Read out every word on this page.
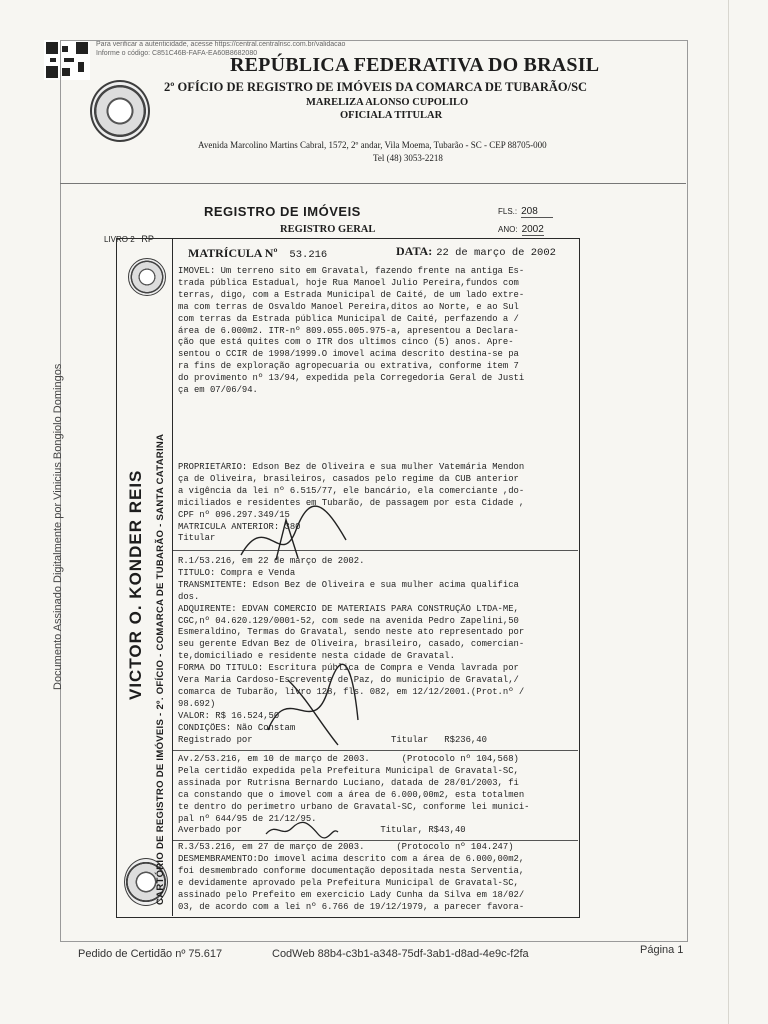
Para verificar a autenticidade, acesse https://central.centralrisc.com.br/validacao
Informe o código: C851C46B-FAFA-EA60B8682080
REPÚBLICA FEDERATIVA DO BRASIL
2º OFÍCIO DE REGISTRO DE IMÓVEIS DA COMARCA DE TUBARÃO/SC
MARELIZA ALONSO CUPOLILO
OFICIALA TITULAR
Avenida Marcolino Martins Cabral, 1572, 2º andar, Vila Moema, Tubarão - SC - CEP 88705-000
Tel (48) 3053-2218
Documento Assinado Digitalmente por Vinicius Bongiolo Domingos
REGISTRO DE IMÓVEIS
REGISTRO GERAL
FLS.: 208
ANO: 2002
LIVRO 2 RP
VICTOR O. KONDER REIS CARTÓRIO DE REGISTRO DE IMÓVEIS - 2º. OFÍCIO - COMARCA DE TUBARÃO - SANTA CATARINA
MATRÍCULA Nº 53.216	DATA: 22 de março de 2002

IMOVEL: Um terreno sito em Gravatal, fazendo frente na antiga Es-

trada pública Estadual, hoje Rua Manoel Julio Pereira,fundos com

terras, digo, com a Estrada Municipal de Caité, de um lado extre-

ma com terras de Osvaldo Manoel Pereira,ditos ao Norte, e ao Sul

com terras da Estrada pública Municipal de Caité, perfazendo a /

área de 6.000m2. ITR-nº 809.055.005.975-a, apresentou a Declara-

ção que está quites com o ITR dos ultimos cinco (5) anos. Apre-

sentou o CCIR de 1998/1999.O imovel acima descrito destina-se pa

ra fins de exploração agropecuaria ou extrativa, conforme item 7

do provimento nº 13/94, expedida pela Corregedoria Geral de Justi

ça em 07/06/94.

PROPRIETÁRIO: Edson Bez de Oliveira e sua mulher Vatemária Mendon

ça de Oliveira, brasileiros, casados pelo regime da CUB anterior

a vigência da lei nº 6.515/77, ele bancário, ela comerciante ,do-

miciliados e residentes em Tubarão, de passagem por esta Cidade ,

CPF nº 096.297.349/15

MATRICULA ANTERIOR: 380

Titular

R.1/53.216, em 22 de março de 2002.

TITULO: Compra e Venda

TRANSMITENTE: Edson Bez de Oliveira e sua mulher acima qualifica

dos.

ADQUIRENTE: EDVAN COMERCIO DE MATERIAIS PARA CONSTRUÇÃO LTDA-ME,

CGC,nº 04.620.129/0001-52, com sede na avenida Pedro Zapelini,50

Esmeraldino, Termas do Gravatal, sendo neste ato representado por

seu gerente Edvan Bez de Oliveira, brasileiro, casado, comercian-

te,domiciliado e residente nesta cidade de Gravatal.

FORMA DO TITULO: Escritura pública de Compra e Venda lavrada por

Vera Maria Cardoso-Escrevente de Paz, do municipio de Gravatal,/

comarca de Tubarão, livro 128, fls. 082, em 12/12/2001.(Prot.nº /

98.692)

VALOR: R$ 16.524,50

CONDIÇÕES: Não Constam

Registrado por                          Titular   R$236,40

Av.2/53.216, em 10 de março de 2003.      (Protocolo nº 104,568)

Pela certidão expedida pela Prefeitura Municipal de Gravatal-SC,

assinada por Rutrisna Bernardo Luciano, datada de 28/01/2003, fi

ca constando que o imovel com a área de 6.000,00m2, esta totalmen

te dentro do perimetro urbano de Gravatal-SC, conforme lei munici-

pal nº 644/95 de 21/12/95.

Averbado por                          Titular, R$43,40

R.3/53.216, em 27 de março de 2003.      (Protocolo nº 104.247)

DESMEMBRAMENTO:Do imovel acima descrito com a área de 6.000,00m2,

foi desmembrado conforme documentação depositada nesta Serventia,

e devidamente aprovado pela Prefeitura Municipal de Gravatal-SC,

assinado pelo Prefeito em exercicio Lady Cunha da Silva em 18/02/

03, de acordo com a lei nº 6.766 de 19/12/1979, a parecer favora-

Pedido de Certidão nº 75.617	CodWeb 88b4-c3b1-a348-75df-3ab1-d8ad-4e9c-f2fa	Página 1
